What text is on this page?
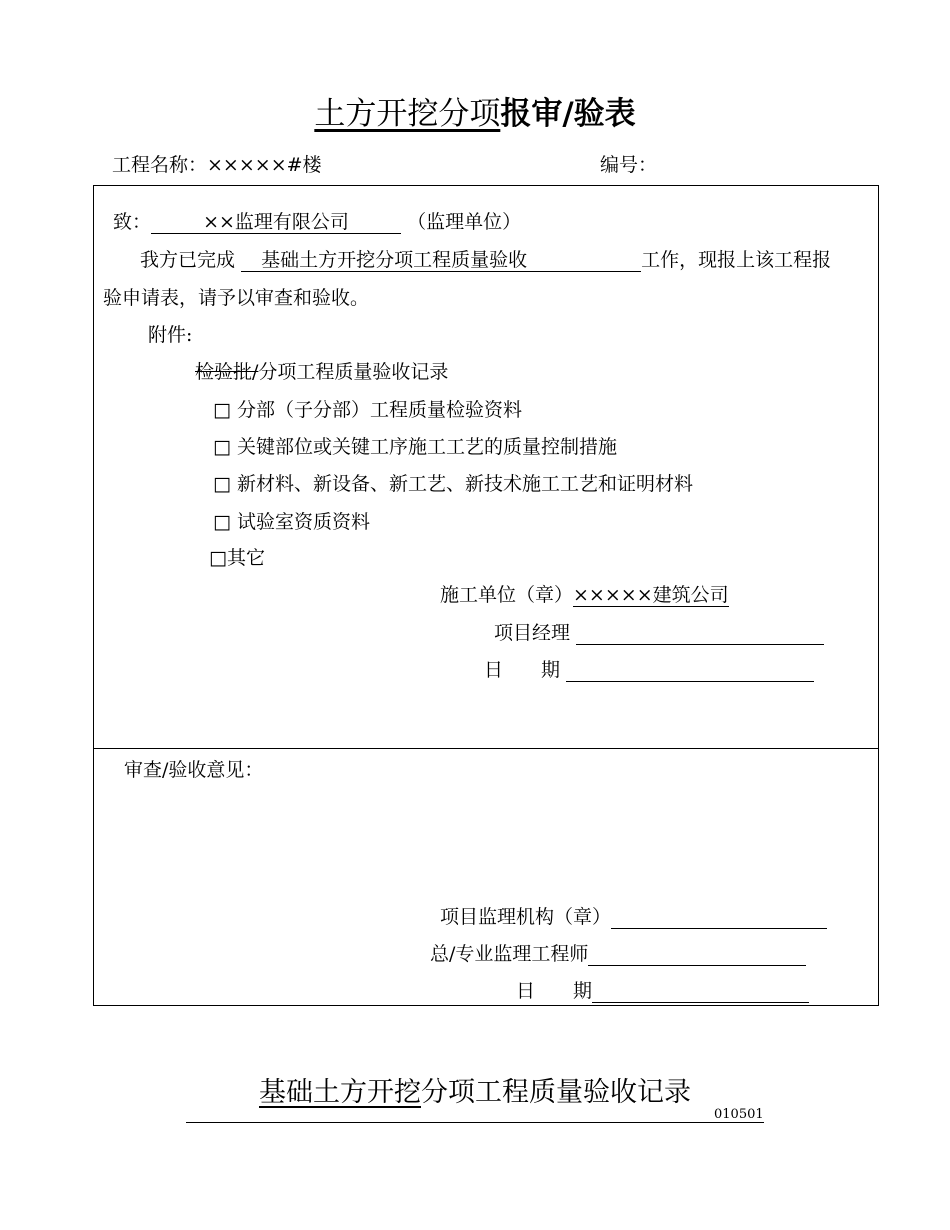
土方开挖分项报审/验表
工程名称：×××××#楼	编号：
致：	××监理有限公司	（监理单位）
我方已完成 基础土方开挖分项工程质量验收	工作，现报上该工程报
验申请表，请予以审查和验收。
附件:
检验批/分项工程质量验收记录
□ 分部（子分部）工程质量检验资料
□ 关键部位或关键工序施工工艺的质量控制措施
□ 新材料、新设备、新工艺、新技术施工工艺和证明材料
□ 试验室资质资料
□其它
施工单位（章）×××××建筑公司
项目经理
日　　期
审查/验收意见：
项目监理机构（章）
总/专业监理工程师
日　　期
基础土方开挖分项工程质量验收记录
010501
